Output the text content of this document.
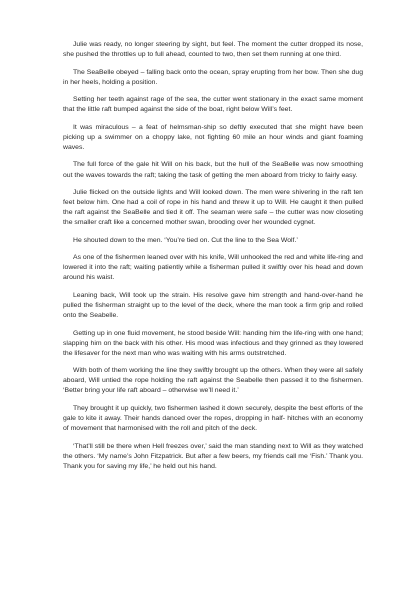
Julie was ready, no longer steering by sight, but feel. The moment the cutter dropped its nose, she pushed the throttles up to full ahead, counted to two, then set them running at one third.

The SeaBelle obeyed – falling back onto the ocean, spray erupting from her bow. Then she dug in her heels, holding a position.

Setting her teeth against rage of the sea, the cutter went stationary in the exact same moment that the little raft bumped against the side of the boat, right below Will’s feet.

It was miraculous – a feat of helmsman-ship so deftly executed that she might have been picking up a swimmer on a choppy lake, not fighting 60 mile an hour winds and giant foaming waves.

The full force of the gale hit Will on his back, but the hull of the SeaBelle was now smoothing out the waves towards the raft; taking the task of getting the men aboard from tricky to fairly easy.

Julie flicked on the outside lights and Will looked down. The men were shivering in the raft ten feet below him. One had a coil of rope in his hand and threw it up to Will. He caught it then pulled the raft against the SeaBelle and tied it off. The seaman were safe – the cutter was now closeting the smaller craft like a concerned mother swan, brooding over her wounded cygnet.

He shouted down to the men. ‘You’re tied on. Cut the line to the Sea Wolf.’

As one of the fishermen leaned over with his knife, Will unhooked the red and white life-ring and lowered it into the raft; waiting patiently while a fisherman pulled it swiftly over his head and down around his waist.

Leaning back, Will took up the strain. His resolve gave him strength and hand-over-hand he pulled the fisherman straight up to the level of the deck, where the man took a firm grip and rolled onto the Seabelle.

Getting up in one fluid movement, he stood beside Will: handing him the life-ring with one hand; slapping him on the back with his other. His mood was infectious and they grinned as they lowered the lifesaver for the next man who was waiting with his arms outstretched.

With both of them working the line they swiftly brought up the others. When they were all safely aboard, Will untied the rope holding the raft against the Seabelle then passed it to the fishermen. ‘Better bring your life raft aboard – otherwise we’ll need it.’

They brought it up quickly, two fishermen lashed it down securely, despite the best efforts of the gale to kite it away. Their hands danced over the ropes, dropping in half- hitches with an economy of movement that harmonised with the roll and pitch of the deck.

‘That’ll still be there when Hell freezes over,’ said the man standing next to Will as they watched the others. ‘My name’s John Fitzpatrick. But after a few beers, my friends call me ‘Fish.’ Thank you. Thank you for saving my life,’ he held out his hand.
